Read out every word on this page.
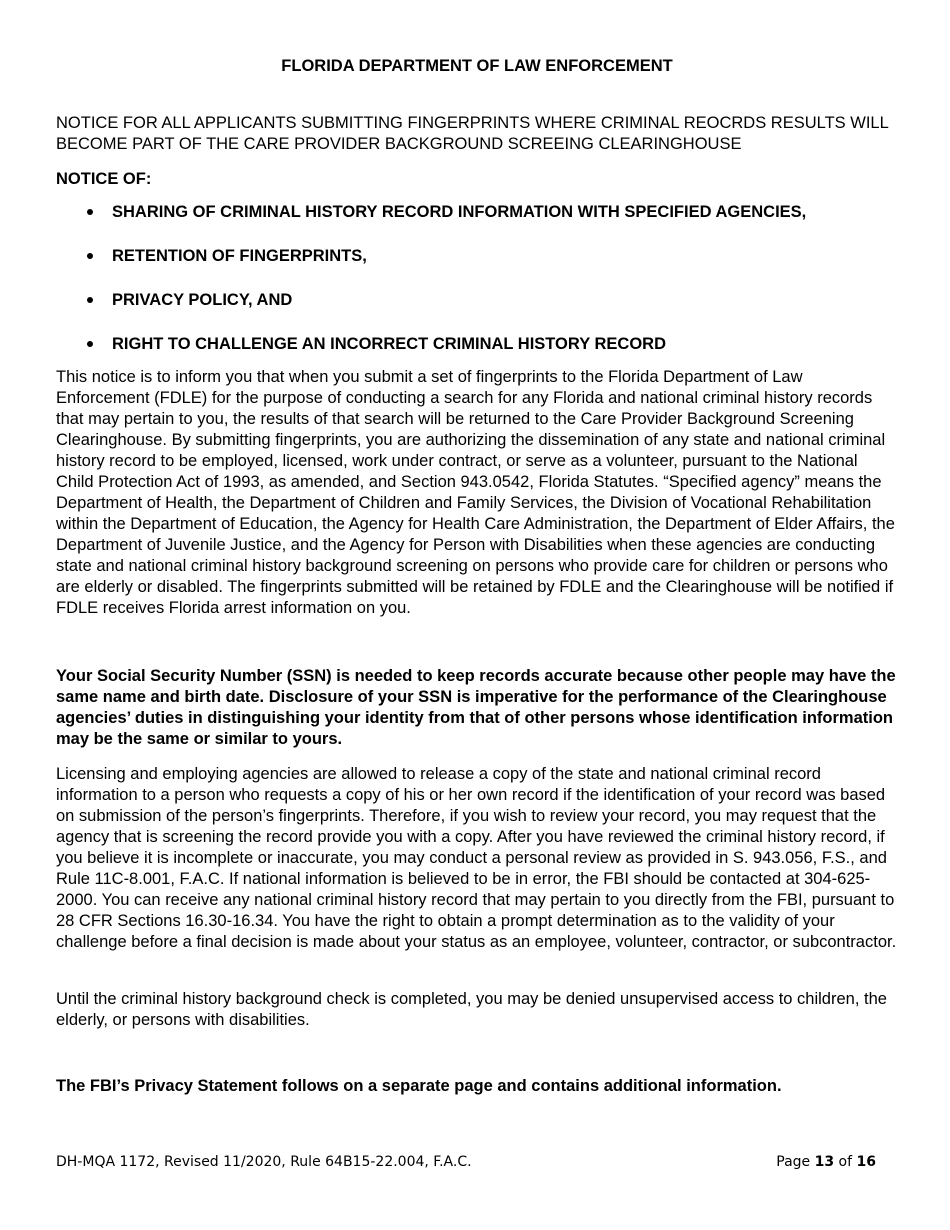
FLORIDA DEPARTMENT OF LAW ENFORCEMENT
NOTICE FOR ALL APPLICANTS SUBMITTING FINGERPRINTS WHERE CRIMINAL REOCRDS RESULTS WILL BECOME PART OF THE CARE PROVIDER BACKGROUND SCREEING CLEARINGHOUSE
NOTICE OF:
SHARING OF CRIMINAL HISTORY RECORD INFORMATION WITH SPECIFIED AGENCIES,
RETENTION OF FINGERPRINTS,
PRIVACY POLICY, AND
RIGHT TO CHALLENGE AN INCORRECT CRIMINAL HISTORY RECORD
This notice is to inform you that when you submit a set of fingerprints to the Florida Department of Law Enforcement (FDLE) for the purpose of conducting a search for any Florida and national criminal history records that may pertain to you, the results of that search will be returned to the Care Provider Background Screening Clearinghouse. By submitting fingerprints, you are authorizing the dissemination of any state and national criminal history record to be employed, licensed, work under contract, or serve as a volunteer, pursuant to the National Child Protection Act of 1993, as amended, and Section 943.0542, Florida Statutes. “Specified agency” means the Department of Health, the Department of Children and Family Services, the Division of Vocational Rehabilitation within the Department of Education, the Agency for Health Care Administration, the Department of Elder Affairs, the Department of Juvenile Justice, and the Agency for Person with Disabilities when these agencies are conducting state and national criminal history background screening on persons who provide care for children or persons who are elderly or disabled. The fingerprints submitted will be retained by FDLE and the Clearinghouse will be notified if FDLE receives Florida arrest information on you.
Your Social Security Number (SSN) is needed to keep records accurate because other people may have the same name and birth date. Disclosure of your SSN is imperative for the performance of the Clearinghouse agencies’ duties in distinguishing your identity from that of other persons whose identification information may be the same or similar to yours.
Licensing and employing agencies are allowed to release a copy of the state and national criminal record information to a person who requests a copy of his or her own record if the identification of your record was based on submission of the person’s fingerprints. Therefore, if you wish to review your record, you may request that the agency that is screening the record provide you with a copy. After you have reviewed the criminal history record, if you believe it is incomplete or inaccurate, you may conduct a personal review as provided in S. 943.056, F.S., and Rule 11C-8.001, F.A.C. If national information is believed to be in error, the FBI should be contacted at 304-625-2000. You can receive any national criminal history record that may pertain to you directly from the FBI, pursuant to 28 CFR Sections 16.30-16.34. You have the right to obtain a prompt determination as to the validity of your challenge before a final decision is made about your status as an employee, volunteer, contractor, or subcontractor.
Until the criminal history background check is completed, you may be denied unsupervised access to children, the elderly, or persons with disabilities.
The FBI’s Privacy Statement follows on a separate page and contains additional information.
DH-MQA 1172, Revised 11/2020, Rule 64B15-22.004, F.A.C.	Page 13 of 16
